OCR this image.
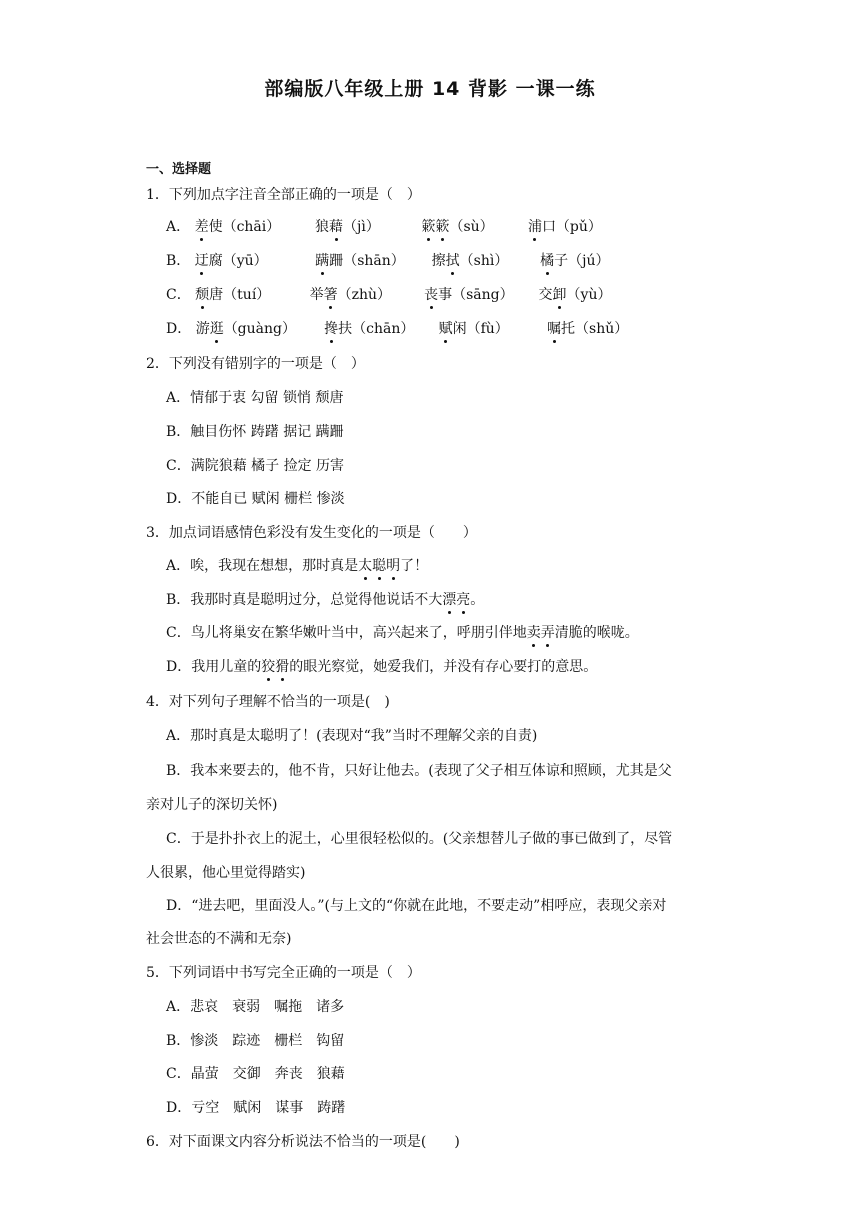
部编版八年级上册 14 背影 一课一练
一、选择题
1．下列加点字注音全部正确的一项是（　）
A． 差使（chāi） 狼藉（jì）	簌簌（sù） 浦口（pǔ）
B． 迂腐（yū）	蹒跚（shān） 擦拭（shì） 橘子（jú）
C． 颓唐（tuí）	举箸（zhù） 丧事（sāng） 交卸（yù）
D． 游逛（guàng） 搀扶（chān） 赋闲（fù）	嘱托（shǔ）
2．下列没有错别字的一项是（　）
A．情郁于衷 勾留 锁悄 颓唐
B．触目伤怀 踌躇 据记 蹒跚
C．满院狼藉 橘子 捡定 历害
D．不能自已 赋闲 栅栏 惨淡
3．加点词语感情色彩没有发生变化的一项是（　　）
A．唉，我现在想想，那时真是太聪明了！
B．我那时真是聪明过分，总觉得他说话不大漂亮。
C．鸟儿将巢安在繁华嫩叶当中，高兴起来了，呼朋引伴地卖弄清脆的喉咙。
D．我用儿童的狡猾的眼光察觉，她爱我们，并没有存心要打的意思。
4．对下列句子理解不恰当的一项是(　)
A．那时真是太聪明了！(表现对“我”当时不理解父亲的自责)
B．我本来要去的，他不肯，只好让他去。(表现了父子相互体谅和照顾，尤其是父
亲对儿子的深切关怀)
C．于是扑扑衣上的泥土，心里很轻松似的。(父亲想替儿子做的事已做到了，尽管
人很累，他心里觉得踏实)
D．“进去吧，里面没人。”(与上文的“你就在此地，不要走动”相呼应，表现父亲对
社会世态的不满和无奈)
5．下列词语中书写完全正确的一项是（　）
A．悲哀　衰弱　嘱拖　诸多
B．惨淡　踪迹　栅栏　钩留
C．晶萤　交御　奔丧　狼藉
D．亏空　赋闲　谋事　踌躇
6．对下面课文内容分析说法不恰当的一项是(　　)
